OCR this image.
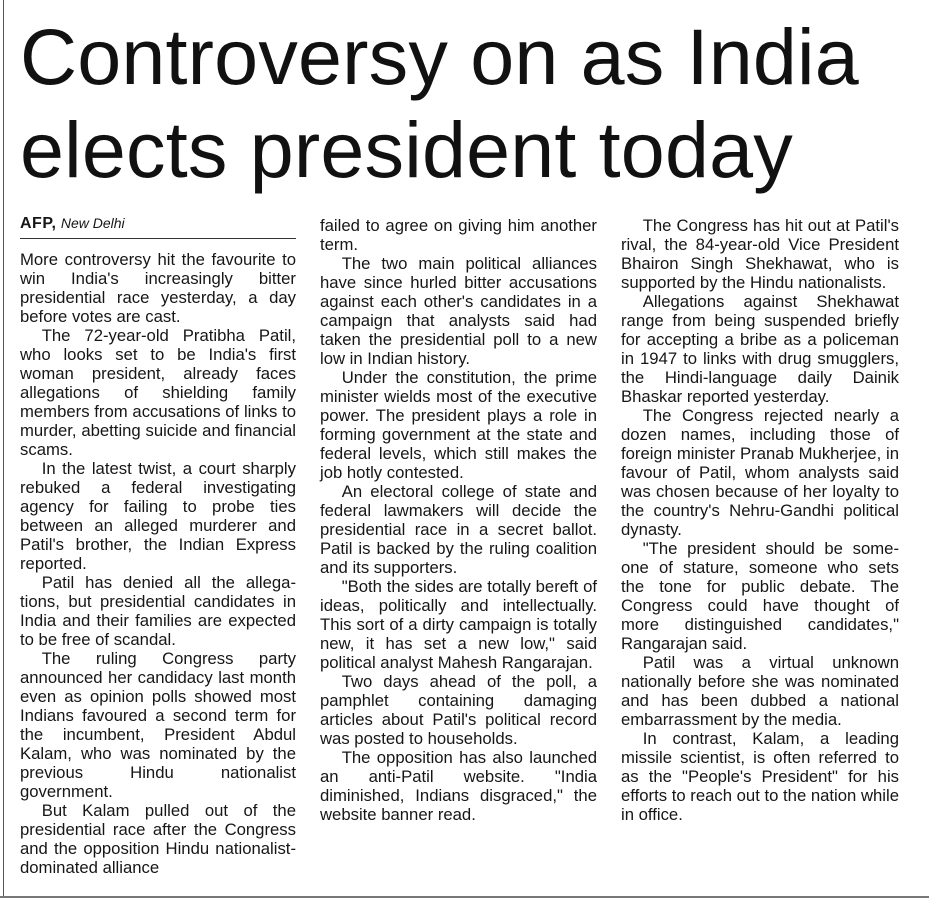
Controversy on as India
elects president today
AFP, New Delhi

More controversy hit the favourite to win India's increasingly bitter presidential race yesterday, a day before votes are cast.

The 72-year-old Pratibha Patil, who looks set to be India's first woman president, already faces allegations of shielding family members from accusations of links to murder, abetting suicide and financial scams.

In the latest twist, a court sharply rebuked a federal investigating agency for failing to probe ties between an alleged murderer and Patil's brother, the Indian Express reported.

Patil has denied all the allegations, but presidential candidates in India and their families are expected to be free of scandal.

The ruling Congress party announced her candidacy last month even as opinion polls showed most Indians favoured a second term for the incumbent, President Abdul Kalam, who was nominated by the previous Hindu nationalist government.

But Kalam pulled out of the presidential race after the Congress and the opposition Hindu nationalist-dominated alliance

failed to agree on giving him another term.

The two main political alliances have since hurled bitter accusations against each other's candidates in a campaign that analysts said had taken the presidential poll to a new low in Indian history.

Under the constitution, the prime minister wields most of the executive power. The president plays a role in forming government at the state and federal levels, which still makes the job hotly contested.

An electoral college of state and federal lawmakers will decide the presidential race in a secret ballot. Patil is backed by the ruling coalition and its supporters.

"Both the sides are totally bereft of ideas, politically and intellectually. This sort of a dirty campaign is totally new, it has set a new low," said political analyst Mahesh Rangarajan.

Two days ahead of the poll, a pamphlet containing damaging articles about Patil's political record was posted to households.

The opposition has also launched an anti-Patil website. "India diminished, Indians disgraced," the website banner read.

The Congress has hit out at Patil's rival, the 84-year-old Vice President Bhairon Singh Shekhawat, who is supported by the Hindu nationalists.

Allegations against Shekhawat range from being suspended briefly for accepting a bribe as a policeman in 1947 to links with drug smugglers, the Hindi-language daily Dainik Bhaskar reported yesterday.

The Congress rejected nearly a dozen names, including those of foreign minister Pranab Mukherjee, in favour of Patil, whom analysts said was chosen because of her loyalty to the country's Nehru-Gandhi political dynasty.

"The president should be someone of stature, someone who sets the tone for public debate. The Congress could have thought of more distinguished candidates," Rangarajan said.

Patil was a virtual unknown nationally before she was nominated and has been dubbed a national embarrassment by the media.

In contrast, Kalam, a leading missile scientist, is often referred to as the "People's President" for his efforts to reach out to the nation while in office.
